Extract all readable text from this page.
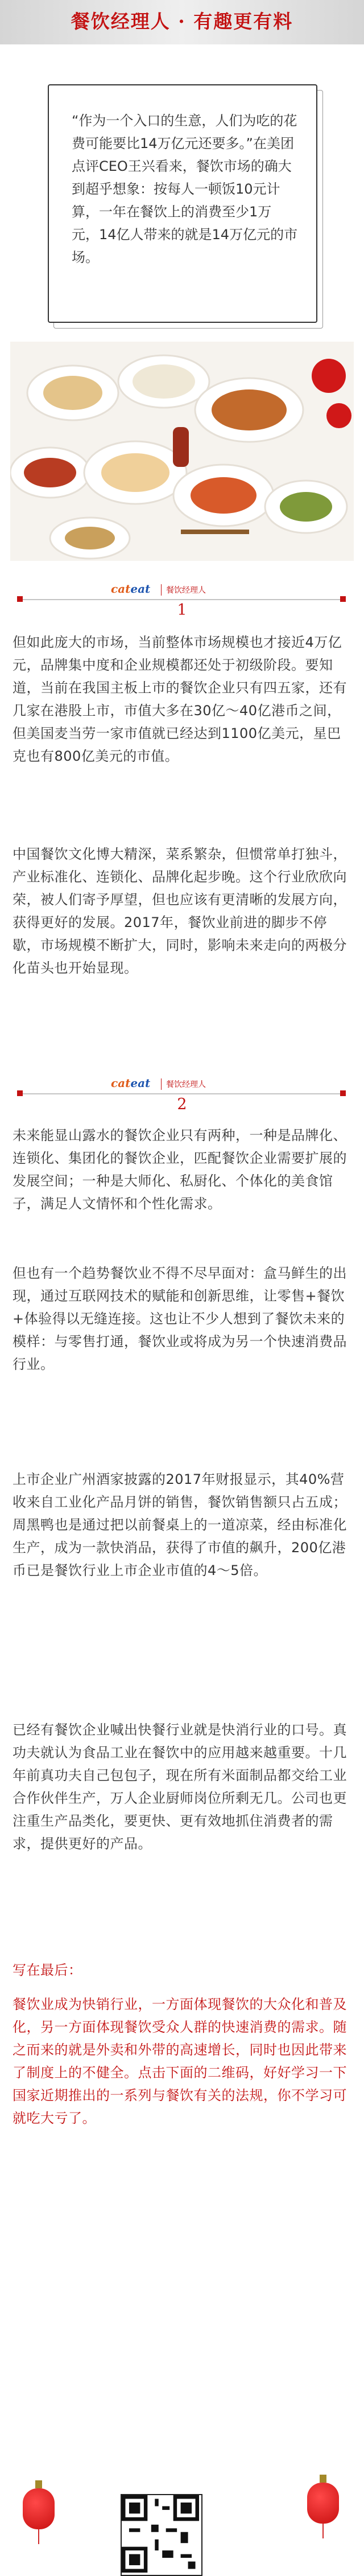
餐饮经理人 · 有趣更有料

“作为一个入口的生意，人们为吃的花费可能要比14万亿元还要多。”在美团点评CEO王兴看来，餐饮市场的确大到超乎想象：按每人一顿饭10元计算，一年在餐饮上的消费至少1万元，14亿人带来的就是14万亿元的市场。

cateat	餐饮经理人
1

但如此庞大的市场，当前整体市场规模也才接近4万亿元，品牌集中度和企业规模都还处于初级阶段。要知道，当前在我国主板上市的餐饮企业只有四五家，还有几家在港股上市，市值大多在30亿～40亿港币之间，但美国麦当劳一家市值就已经达到1100亿美元，星巴克也有800亿美元的市值。

中国餐饮文化博大精深，菜系繁杂，但惯常单打独斗，产业标准化、连锁化、品牌化起步晚。这个行业欣欣向荣，被人们寄予厚望，但也应该有更清晰的发展方向，获得更好的发展。2017年，餐饮业前进的脚步不停歇，市场规模不断扩大，同时，影响未来走向的两极分化苗头也开始显现。

cateat	餐饮经理人
2

未来能显山露水的餐饮企业只有两种，一种是品牌化、连锁化、集团化的餐饮企业，匹配餐饮企业需要扩展的发展空间；一种是大师化、私厨化、个体化的美食馆子，满足人文情怀和个性化需求。

但也有一个趋势餐饮业不得不尽早面对：盒马鲜生的出现，通过互联网技术的赋能和创新思维，让零售+餐饮+体验得以无缝连接。这也让不少人想到了餐饮未来的模样：与零售打通，餐饮业或将成为另一个快速消费品行业。

上市企业广州酒家披露的2017年财报显示，其40%营收来自工业化产品月饼的销售，餐饮销售额只占五成；周黑鸭也是通过把以前餐桌上的一道凉菜，经由标准化生产，成为一款快消品，获得了市值的飙升，200亿港币已是餐饮行业上市企业市值的4～5倍。

已经有餐饮企业喊出快餐行业就是快消行业的口号。真功夫就认为食品工业在餐饮中的应用越来越重要。十几年前真功夫自己包包子，现在所有米面制品都交给工业合作伙伴生产，万人企业厨师岗位所剩无几。公司也更注重生产品类化，要更快、更有效地抓住消费者的需求，提供更好的产品。

写在最后：

餐饮业成为快销行业，一方面体现餐饮的大众化和普及化，另一方面体现餐饮受众人群的快速消费的需求。随之而来的就是外卖和外带的高速增长，同时也因此带来了制度上的不健全。点击下面的二维码，好好学习一下国家近期推出的一系列与餐饮有关的法规，你不学习可就吃大亏了。
